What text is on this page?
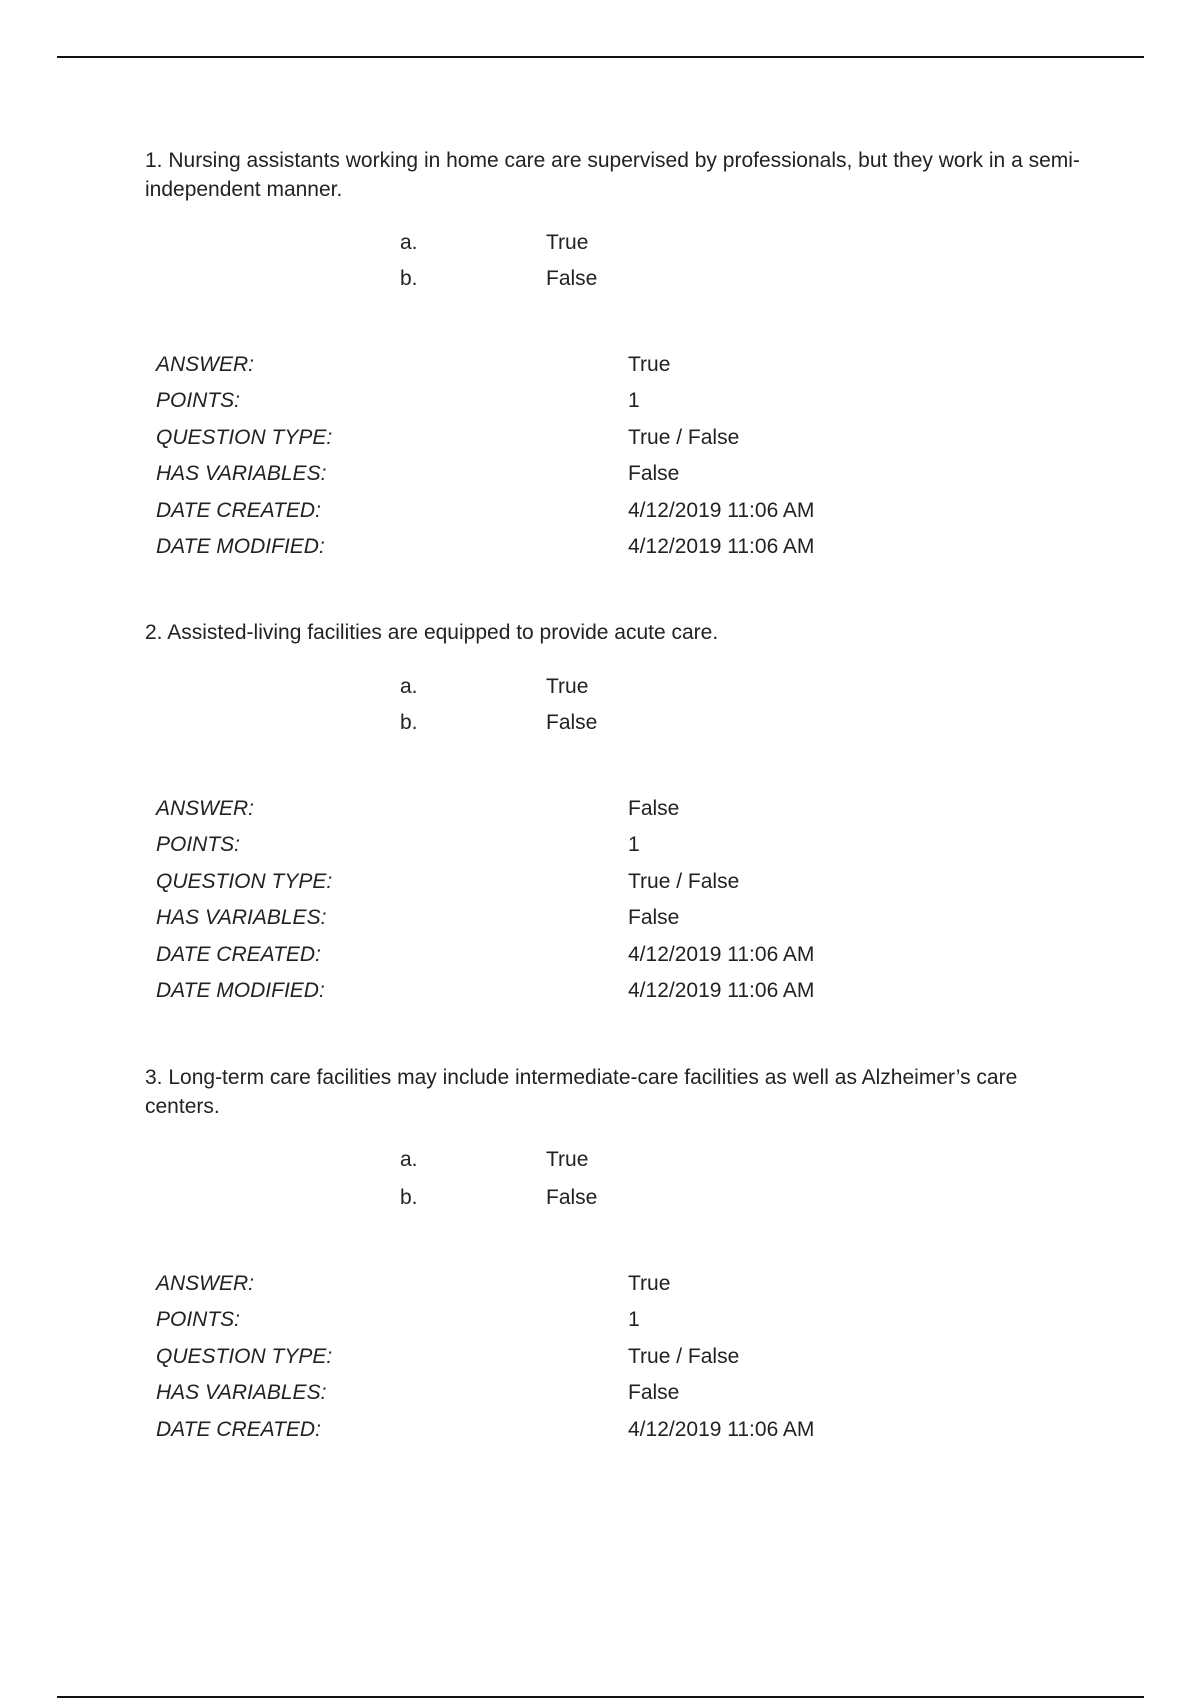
1. Nursing assistants working in home care are supervised by professionals, but they work in a semi-independent manner.

a.	True
b.	False
ANSWER:	True
POINTS:	1
QUESTION TYPE:	True / False
HAS VARIABLES:	False
DATE CREATED:	4/12/2019 11:06 AM
DATE MODIFIED:	4/12/2019 11:06 AM

2. Assisted-living facilities are equipped to provide acute care.

a.	True
b.	False
ANSWER:	False
POINTS:	1
QUESTION TYPE:	True / False
HAS VARIABLES:	False
DATE CREATED:	4/12/2019 11:06 AM
DATE MODIFIED:	4/12/2019 11:06 AM

3. Long-term care facilities may include intermediate-care facilities as well as Alzheimer’s care centers.

a.	True
b.	False
ANSWER:	True
POINTS:	1
QUESTION TYPE:	True / False
HAS VARIABLES:	False
DATE CREATED:	4/12/2019 11:06 AM
